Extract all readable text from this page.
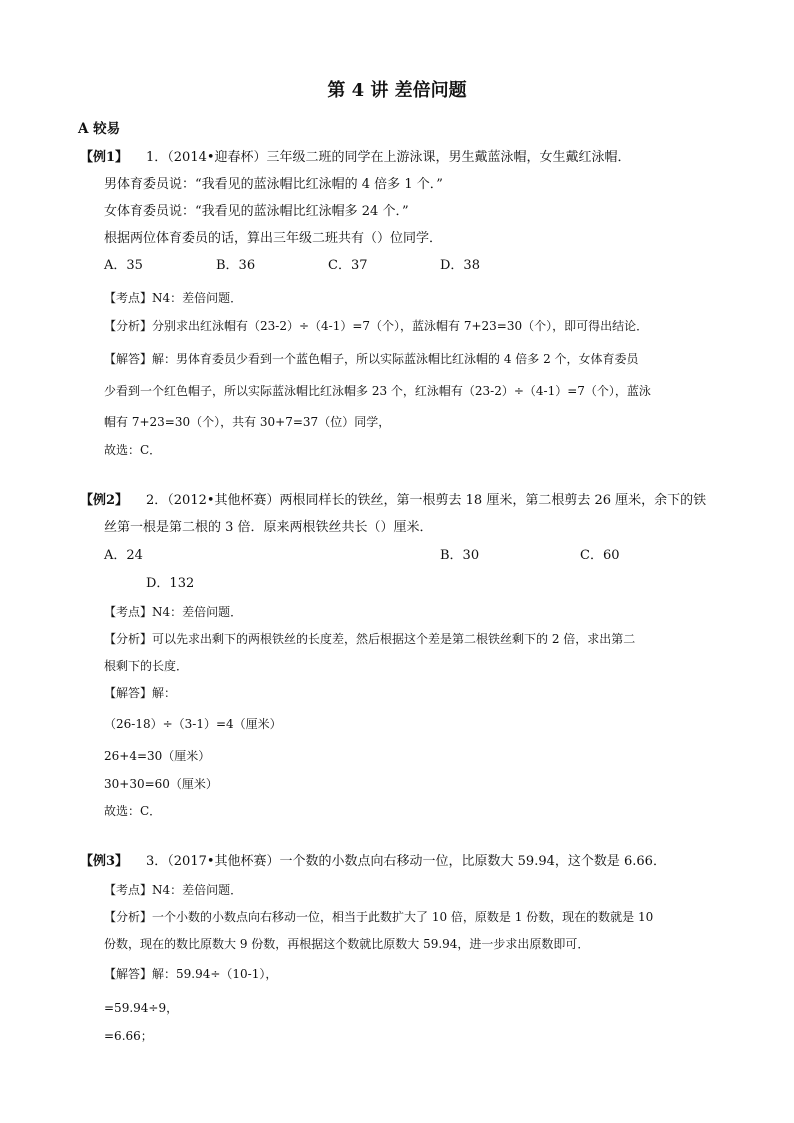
第 4 讲 差倍问题
A 较易
【例1】 1．（2014•迎春杯）三年级二班的同学在上游泳课，男生戴蓝泳帽，女生戴红泳帽．
男体育委员说：“我看见的蓝泳帽比红泳帽的 4 倍多 1 个．”
女体育委员说：“我看见的蓝泳帽比红泳帽多 24 个．”
根据两位体育委员的话，算出三年级二班共有（）位同学．
A．35	B．36	C．37	D．38
【考点】N4：差倍问题．
【分析】分别求出红泳帽有（23-2）÷（4-1）=7（个），蓝泳帽有 7+23=30（个），即可得出结论．
【解答】解：男体育委员少看到一个蓝色帽子，所以实际蓝泳帽比红泳帽的 4 倍多 2 个，女体育委员
少看到一个红色帽子，所以实际蓝泳帽比红泳帽多 23 个，红泳帽有（23-2）÷（4-1）=7（个），蓝泳
帽有 7+23=30（个），共有 30+7=37（位）同学，
故选：C．
【例2】 2．（2012•其他杯赛）两根同样长的铁丝，第一根剪去 18 厘米，第二根剪去 26 厘米，余下的铁
丝第一根是第二根的 3 倍．原来两根铁丝共长（）厘米．
A．24	B．30	C．60
D．132
【考点】N4：差倍问题．
【分析】可以先求出剩下的两根铁丝的长度差，然后根据这个差是第二根铁丝剩下的 2 倍，求出第二
根剩下的长度．
【解答】解：
（26-18）÷（3-1）=4（厘米）
26+4=30（厘米）
30+30=60（厘米）
故选：C．
【例3】 3．（2017•其他杯赛）一个数的小数点向右移动一位，比原数大 59.94，这个数是 6.66．
【考点】N4：差倍问题．
【分析】一个小数的小数点向右移动一位，相当于此数扩大了 10 倍，原数是 1 份数，现在的数就是 10
份数，现在的数比原数大 9 份数，再根据这个数就比原数大 59.94，进一步求出原数即可．
【解答】解：59.94÷（10-1），
=59.94÷9，
=6.66；
